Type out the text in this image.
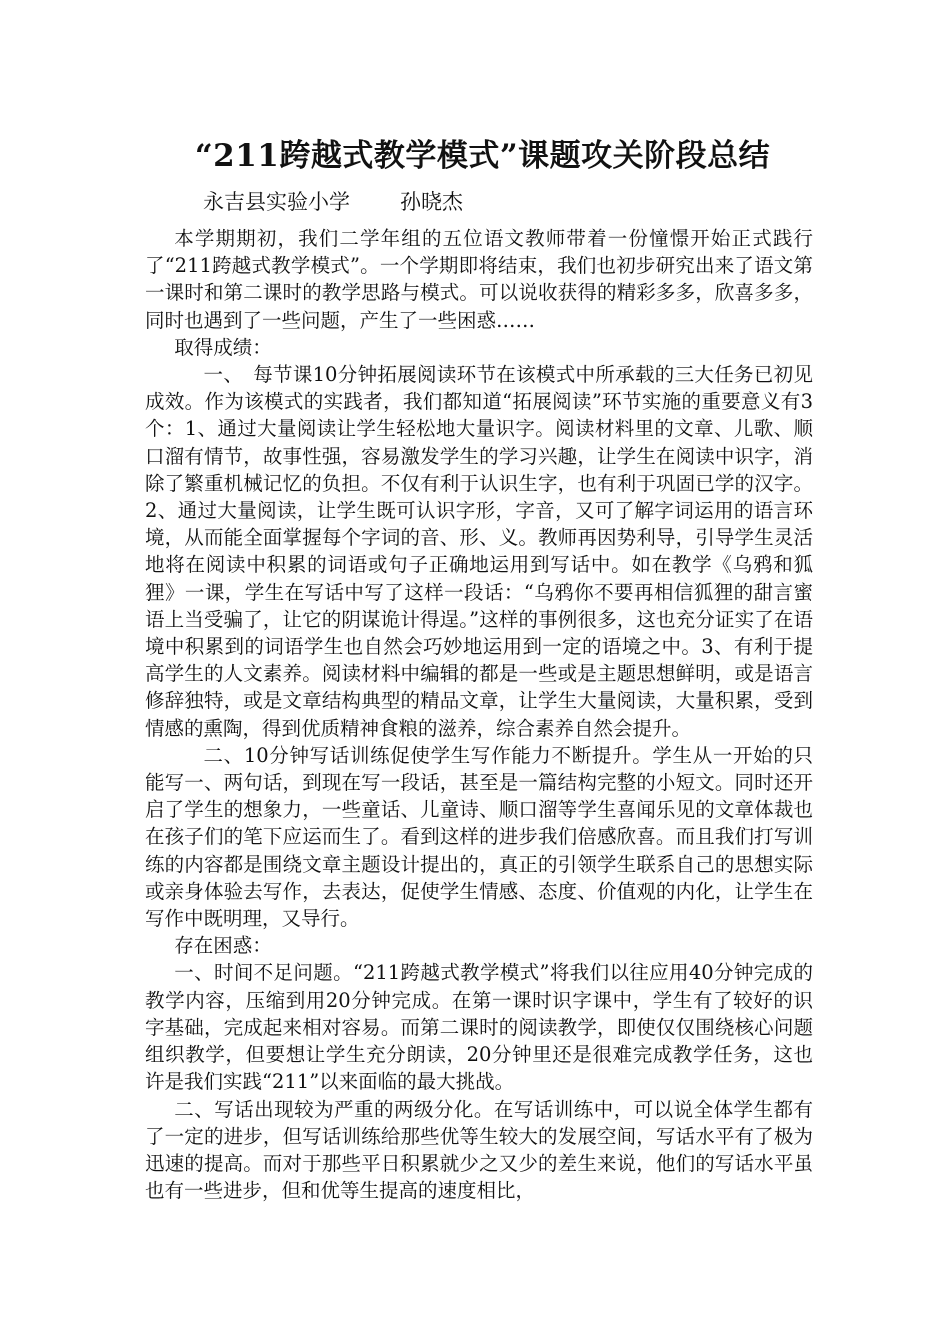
“211跨越式教学模式”课题攻关阶段总结

永吉县实验小学 孙晓杰

本学期期初，我们二学年组的五位语文教师带着一份憧憬开始正式践行了“211跨越式教学模式”。一个学期即将结束，我们也初步研究出来了语文第一课时和第二课时的教学思路与模式。可以说收获得的精彩多多，欣喜多多，同时也遇到了一些问题，产生了一些困惑……

取得成绩：

一、　每节课10分钟拓展阅读环节在该模式中所承载的三大任务已初见成效。作为该模式的实践者，我们都知道“拓展阅读”环节实施的重要意义有3个：1、通过大量阅读让学生轻松地大量识字。阅读材料里的文章、儿歌、顺口溜有情节，故事性强，容易激发学生的学习兴趣，让学生在阅读中识字，消除了繁重机械记忆的负担。不仅有利于认识生字，也有利于巩固已学的汉字。2、通过大量阅读，让学生既可认识字形，字音，又可了解字词运用的语言环境，从而能全面掌握每个字词的音、形、义。教师再因势利导，引导学生灵活地将在阅读中积累的词语或句子正确地运用到写话中。如在教学《乌鸦和狐狸》一课，学生在写话中写了这样一段话：“乌鸦你不要再相信狐狸的甜言蜜语上当受骗了，让它的阴谋诡计得逞。”这样的事例很多，这也充分证实了在语境中积累到的词语学生也自然会巧妙地运用到一定的语境之中。3、有利于提高学生的人文素养。阅读材料中编辑的都是一些或是主题思想鲜明，或是语言修辞独特，或是文章结构典型的精品文章，让学生大量阅读，大量积累，受到情感的熏陶，得到优质精神食粮的滋养，综合素养自然会提升。

二、10分钟写话训练促使学生写作能力不断提升。学生从一开始的只能写一、两句话，到现在写一段话，甚至是一篇结构完整的小短文。同时还开启了学生的想象力，一些童话、儿童诗、顺口溜等学生喜闻乐见的文章体裁也在孩子们的笔下应运而生了。看到这样的进步我们倍感欣喜。而且我们打写训练的内容都是围绕文章主题设计提出的，真正的引领学生联系自己的思想实际或亲身体验去写作，去表达，促使学生情感、态度、价值观的内化，让学生在写作中既明理，又导行。

存在困惑：

一、时间不足问题。“211跨越式教学模式”将我们以往应用40分钟完成的教学内容，压缩到用20分钟完成。在第一课时识字课中，学生有了较好的识字基础，完成起来相对容易。而第二课时的阅读教学，即使仅仅围绕核心问题组织教学，但要想让学生充分朗读，20分钟里还是很难完成教学任务，这也许是我们实践“211”以来面临的最大挑战。

二、写话出现较为严重的两级分化。在写话训练中，可以说全体学生都有了一定的进步，但写话训练给那些优等生较大的发展空间，写话水平有了极为迅速的提高。而对于那些平日积累就少之又少的差生来说，他们的写话水平虽也有一些进步，但和优等生提高的速度相比，
